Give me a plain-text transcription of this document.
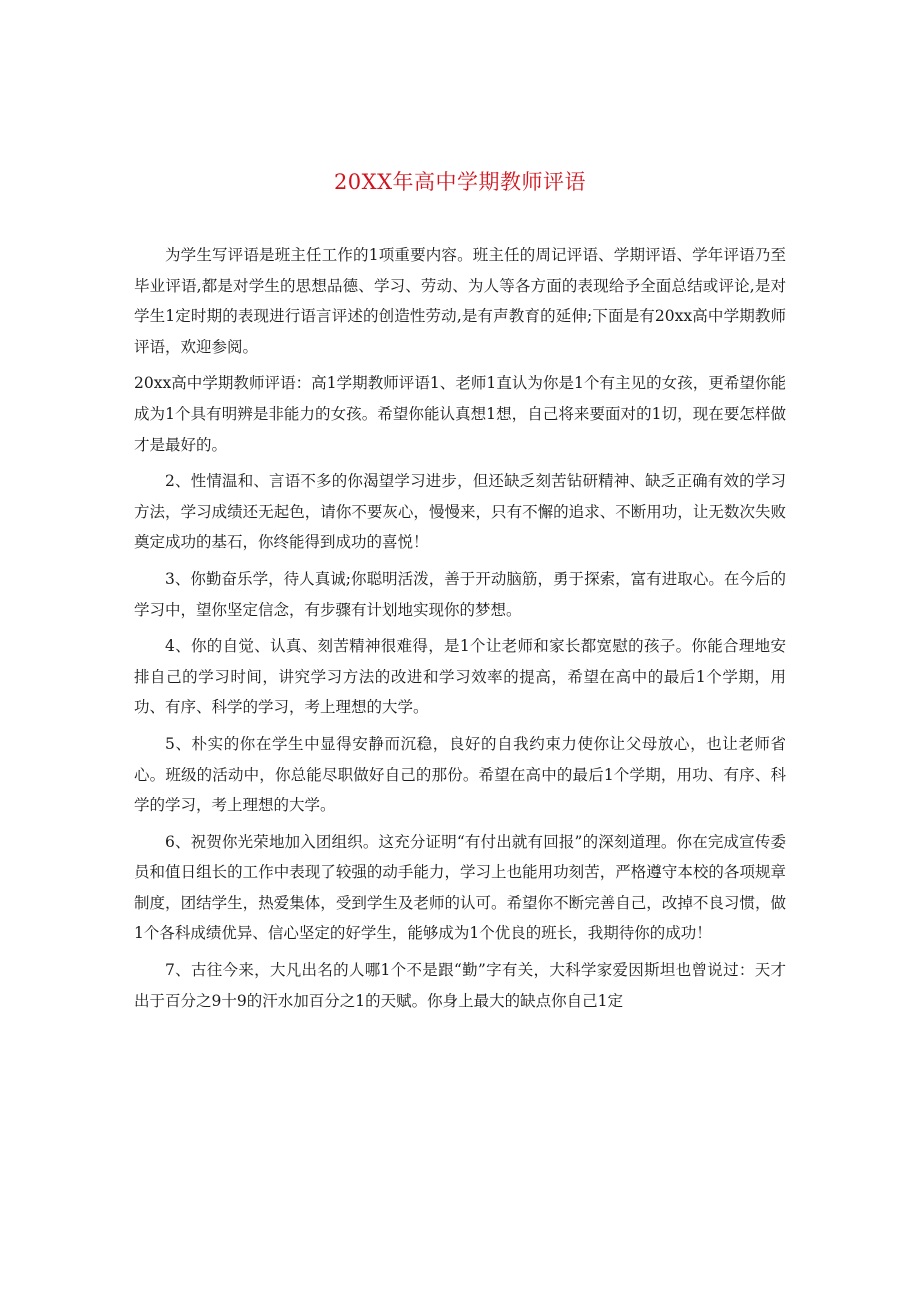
20XX年高中学期教师评语

为学生写评语是班主任工作的1项重要内容。班主任的周记评语、学期评语、学年评语乃至毕业评语,都是对学生的思想品德、学习、劳动、为人等各方面的表现给予全面总结或评论,是对学生1定时期的表现进行语言评述的创造性劳动,是有声教育的延伸;下面是有20xx高中学期教师评语，欢迎参阅。

20xx高中学期教师评语：高1学期教师评语1、老师1直认为你是1个有主见的女孩，更希望你能成为1个具有明辨是非能力的女孩。希望你能认真想1想，自己将来要面对的1切，现在要怎样做才是最好的。

2、性情温和、言语不多的你渴望学习进步，但还缺乏刻苦钻研精神、缺乏正确有效的学习方法，学习成绩还无起色，请你不要灰心，慢慢来，只有不懈的追求、不断用功，让无数次失败奠定成功的基石，你终能得到成功的喜悦！

3、你勤奋乐学，待人真诚;你聪明活泼，善于开动脑筋，勇于探索，富有进取心。在今后的学习中，望你坚定信念，有步骤有计划地实现你的梦想。

4、你的自觉、认真、刻苦精神很难得，是1个让老师和家长都宽慰的孩子。你能合理地安排自己的学习时间，讲究学习方法的改进和学习效率的提高，希望在高中的最后1个学期，用功、有序、科学的学习，考上理想的大学。

5、朴实的你在学生中显得安静而沉稳，良好的自我约束力使你让父母放心，也让老师省心。班级的活动中，你总能尽职做好自己的那份。希望在高中的最后1个学期，用功、有序、科学的学习，考上理想的大学。

6、祝贺你光荣地加入团组织。这充分证明“有付出就有回报”的深刻道理。你在完成宣传委员和值日组长的工作中表现了较强的动手能力，学习上也能用功刻苦，严格遵守本校的各项规章制度，团结学生，热爱集体，受到学生及老师的认可。希望你不断完善自己，改掉不良习惯，做1个各科成绩优异、信心坚定的好学生，能够成为1个优良的班长，我期待你的成功！

7、古往今来，大凡出名的人哪1个不是跟“勤”字有关，大科学家爱因斯坦也曾说过：天才出于百分之9十9的汗水加百分之1的天赋。你身上最大的缺点你自己1定
